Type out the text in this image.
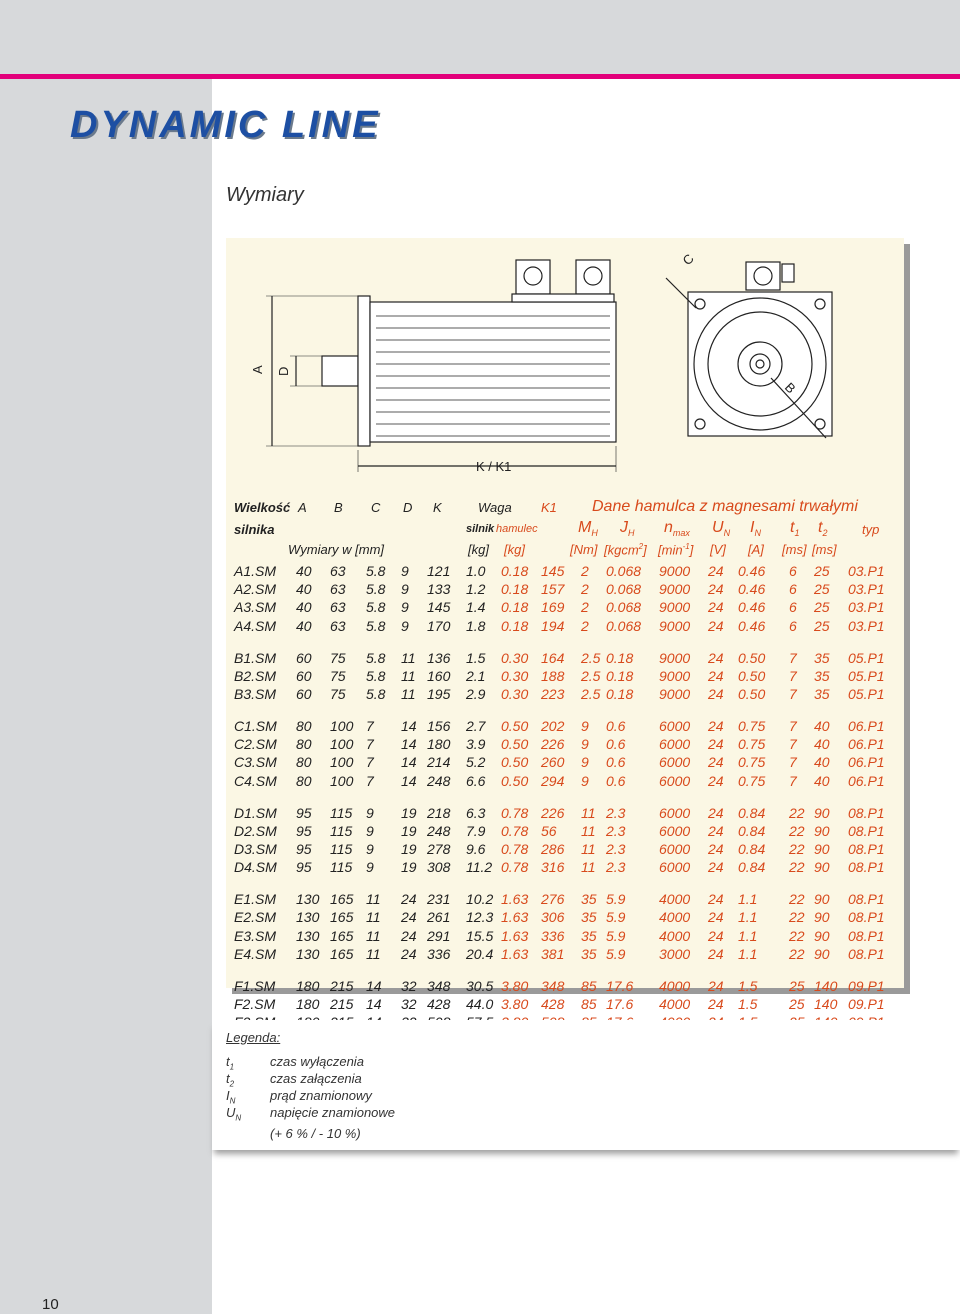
DYNAMIC LINE
Wymiary
A D
C
B
K / K1
Wielkość A B C D K	Waga K1 Dane hamulca z magnesami trwałymi
silnika	silnik hamulec	$M_H$ $J_H$ $n_{max}$ $U_N$ $I_N$ $t_1$ $t_2$	typ
Wymiary w [mm]	[kg] [kg]	[Nm] [kgcm$^2$] $[\min^{-1}]$ [V] [A] [ms] [ms]
A1.SM 40 63 5.8 9 121 1.0 0.18 145 2 0.068 9000 24 0.46 6 25 03.P1
A2.SM 40 63 5.8 9 133 1.2 0.18 157 2 0.068 9000 24 0.46 6 25 03.P1
A3.SM 40 63 5.8 9 145 1.4 0.18 169 2 0.068 9000 24 0.46 6 25 03.P1
A4.SM 40 63 5.8 9 170 1.8 0.18 194 2 0.068 9000 24 0.46 6 25 03.P1
B1.SM 60 75 5.8 11 136 1.5 0.30 164 2.5 0.18 9000 24 0.50 7 35 05.P1
B2.SM 60 75 5.8 11 160 2.1 0.30 188 2.5 0.18 9000 24 0.50 7 35 05.P1
B3.SM 60 75 5.8 11 195 2.9 0.30 223 2.5 0.18 9000 24 0.50 7 35 05.P1
C1.SM 80 100 7 14 156 2.7 0.50 202 9 0.6 6000 24 0.75 7 40 06.P1
C2.SM 80 100 7 14 180 3.9 0.50 226 9 0.6 6000 24 0.75 7 40 06.P1
C3.SM 80 100 7 14 214 5.2 0.50 260 9 0.6 6000 24 0.75 7 40 06.P1
C4.SM 80 100 7 14 248 6.6 0.50 294 9 0.6 6000 24 0.75 7 40 06.P1
D1.SM 95 115 9 19 218 6.3 0.78 226 11 2.3 6000 24 0.84 22 90 08.P1
D2.SM 95 115 9 19 248 7.9 0.78 56 11 2.3 6000 24 0.84 22 90 08.P1
D3.SM 95 115 9 19 278 9.6 0.78 286 11 2.3 6000 24 0.84 22 90 08.P1
D4.SM 95 115 9 19 308 11.2 0.78 316 11 2.3 6000 24 0.84 22 90 08.P1
E1.SM 130 165 11 24 231 10.2 1.63 276 35 5.9 4000 24 1.1 22 90 08.P1
E2.SM 130 165 11 24 261 12.3 1.63 306 35 5.9 4000 24 1.1 22 90 08.P1
E3.SM 130 165 11 24 291 15.5 1.63 336 35 5.9 4000 24 1.1 22 90 08.P1
E4.SM 130 165 11 24 336 20.4 1.63 381 35 5.9 3000 24 1.1 22 90 08.P1
F1.SM 180 215 14 32 348 30.5 3.80 348 85 17.6 4000 24 1.5 25 140 09.P1
F2.SM 180 215 14 32 428 44.0 3.80 428 85 17.6 4000 24 1.5 25 140 09.P1
Legenda:
$t_1$	czas wyłączenia
$t_2$	czas załączenia
$I_N$	prąd znamionowy
$U_N$ napięcie znamionowe
(+ 6 % / - 10 %)
10
